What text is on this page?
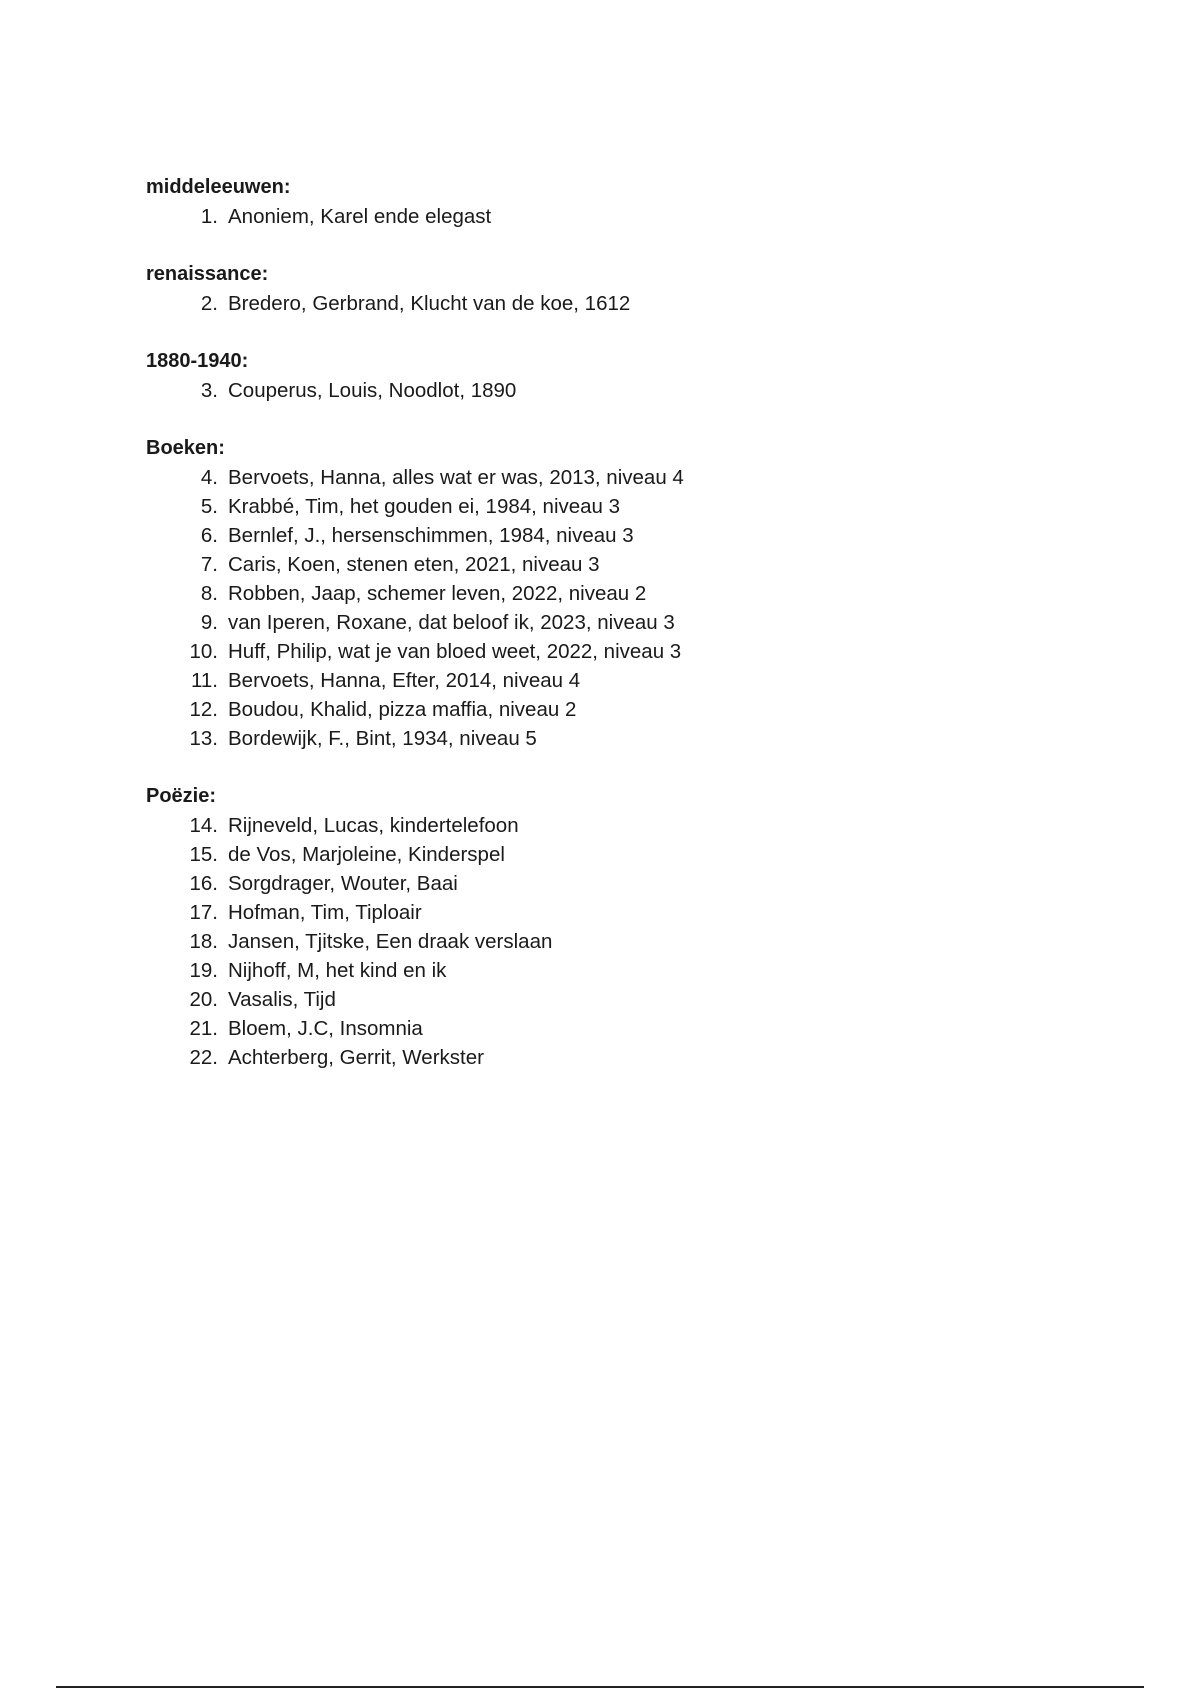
middeleeuwen:
1. Anoniem, Karel ende elegast
renaissance:
2. Bredero, Gerbrand, Klucht van de koe, 1612
1880-1940:
3. Couperus, Louis, Noodlot, 1890
Boeken:
4. Bervoets, Hanna, alles wat er was, 2013, niveau 4
5. Krabbé, Tim, het gouden ei, 1984, niveau 3
6. Bernlef, J., hersenschimmen, 1984, niveau 3
7. Caris, Koen, stenen eten, 2021, niveau 3
8. Robben, Jaap, schemer leven, 2022, niveau 2
9. van Iperen, Roxane, dat beloof ik, 2023, niveau 3
10. Huff, Philip, wat je van bloed weet, 2022, niveau 3
11. Bervoets, Hanna, Efter, 2014, niveau 4
12. Boudou, Khalid, pizza maffia, niveau 2
13. Bordewijk, F., Bint, 1934, niveau 5
Poëzie:
14. Rijneveld, Lucas, kindertelefoon
15. de Vos, Marjoleine, Kinderspel
16. Sorgdrager, Wouter, Baai
17. Hofman, Tim, Tiploair
18. Jansen, Tjitske, Een draak verslaan
19. Nijhoff, M, het kind en ik
20. Vasalis, Tijd
21. Bloem, J.C, Insomnia
22. Achterberg, Gerrit, Werkster
